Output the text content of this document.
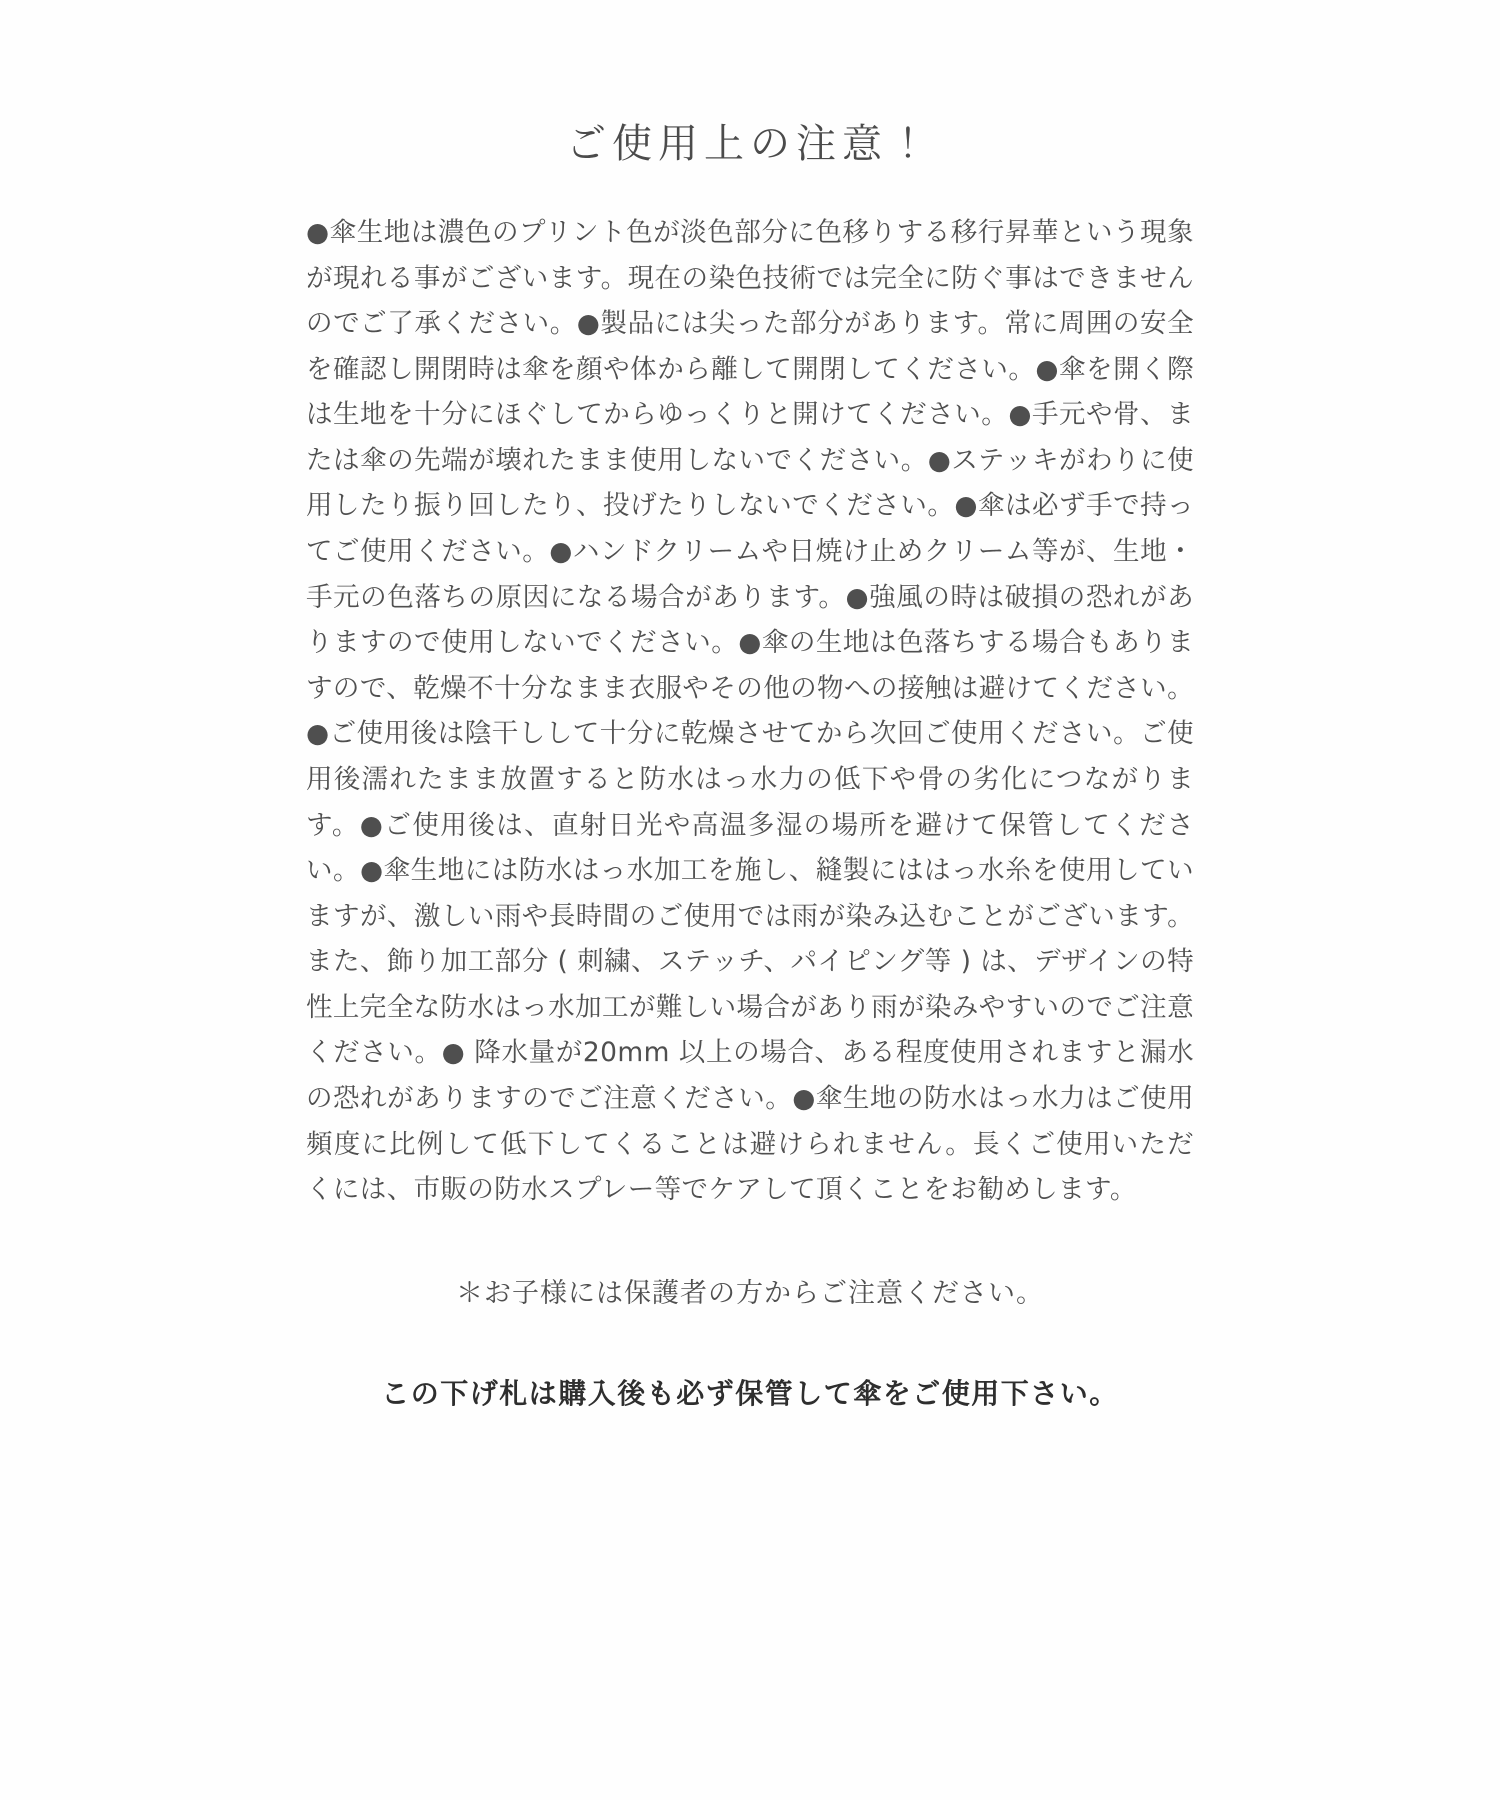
ご使用上の注意！

●傘生地は濃色のプリント色が淡色部分に色移りする移行昇華という現象が現れる事がございます。現在の染色技術では完全に防ぐ事はできませんのでご了承ください。●製品には尖った部分があります。常に周囲の安全を確認し開閉時は傘を顔や体から離して開閉してください。●傘を開く際は生地を十分にほぐしてからゆっくりと開けてください。●手元や骨、または傘の先端が壊れたまま使用しないでください。●ステッキがわりに使用したり振り回したり、投げたりしないでください。●傘は必ず手で持ってご使用ください。●ハンドクリームや日焼け止めクリーム等が、生地・手元の色落ちの原因になる場合があります。●強風の時は破損の恐れがありますので使用しないでください。●傘の生地は色落ちする場合もありますので、乾燥不十分なまま衣服やその他の物への接触は避けてください。●ご使用後は陰干しして十分に乾燥させてから次回ご使用ください。ご使用後濡れたまま放置すると防水はっ水力の低下や骨の劣化につながります。●ご使用後は、直射日光や高温多湿の場所を避けて保管してください。●傘生地には防水はっ水加工を施し、縫製にははっ水糸を使用していますが、激しい雨や長時間のご使用では雨が染み込むことがございます。また、飾り加工部分 ( 刺繍、ステッチ、パイピング等 ) は、デザインの特性上完全な防水はっ水加工が難しい場合があり雨が染みやすいのでご注意ください。● 降水量が20mm 以上の場合、ある程度使用されますと漏水の恐れがありますのでご注意ください。●傘生地の防水はっ水力はご使用頻度に比例して低下してくることは避けられません。長くご使用いただくには、市販の防水スプレー等でケアして頂くことをお勧めします。

＊お子様には保護者の方からご注意ください。
この下げ札は購入後も必ず保管して傘をご使用下さい。
